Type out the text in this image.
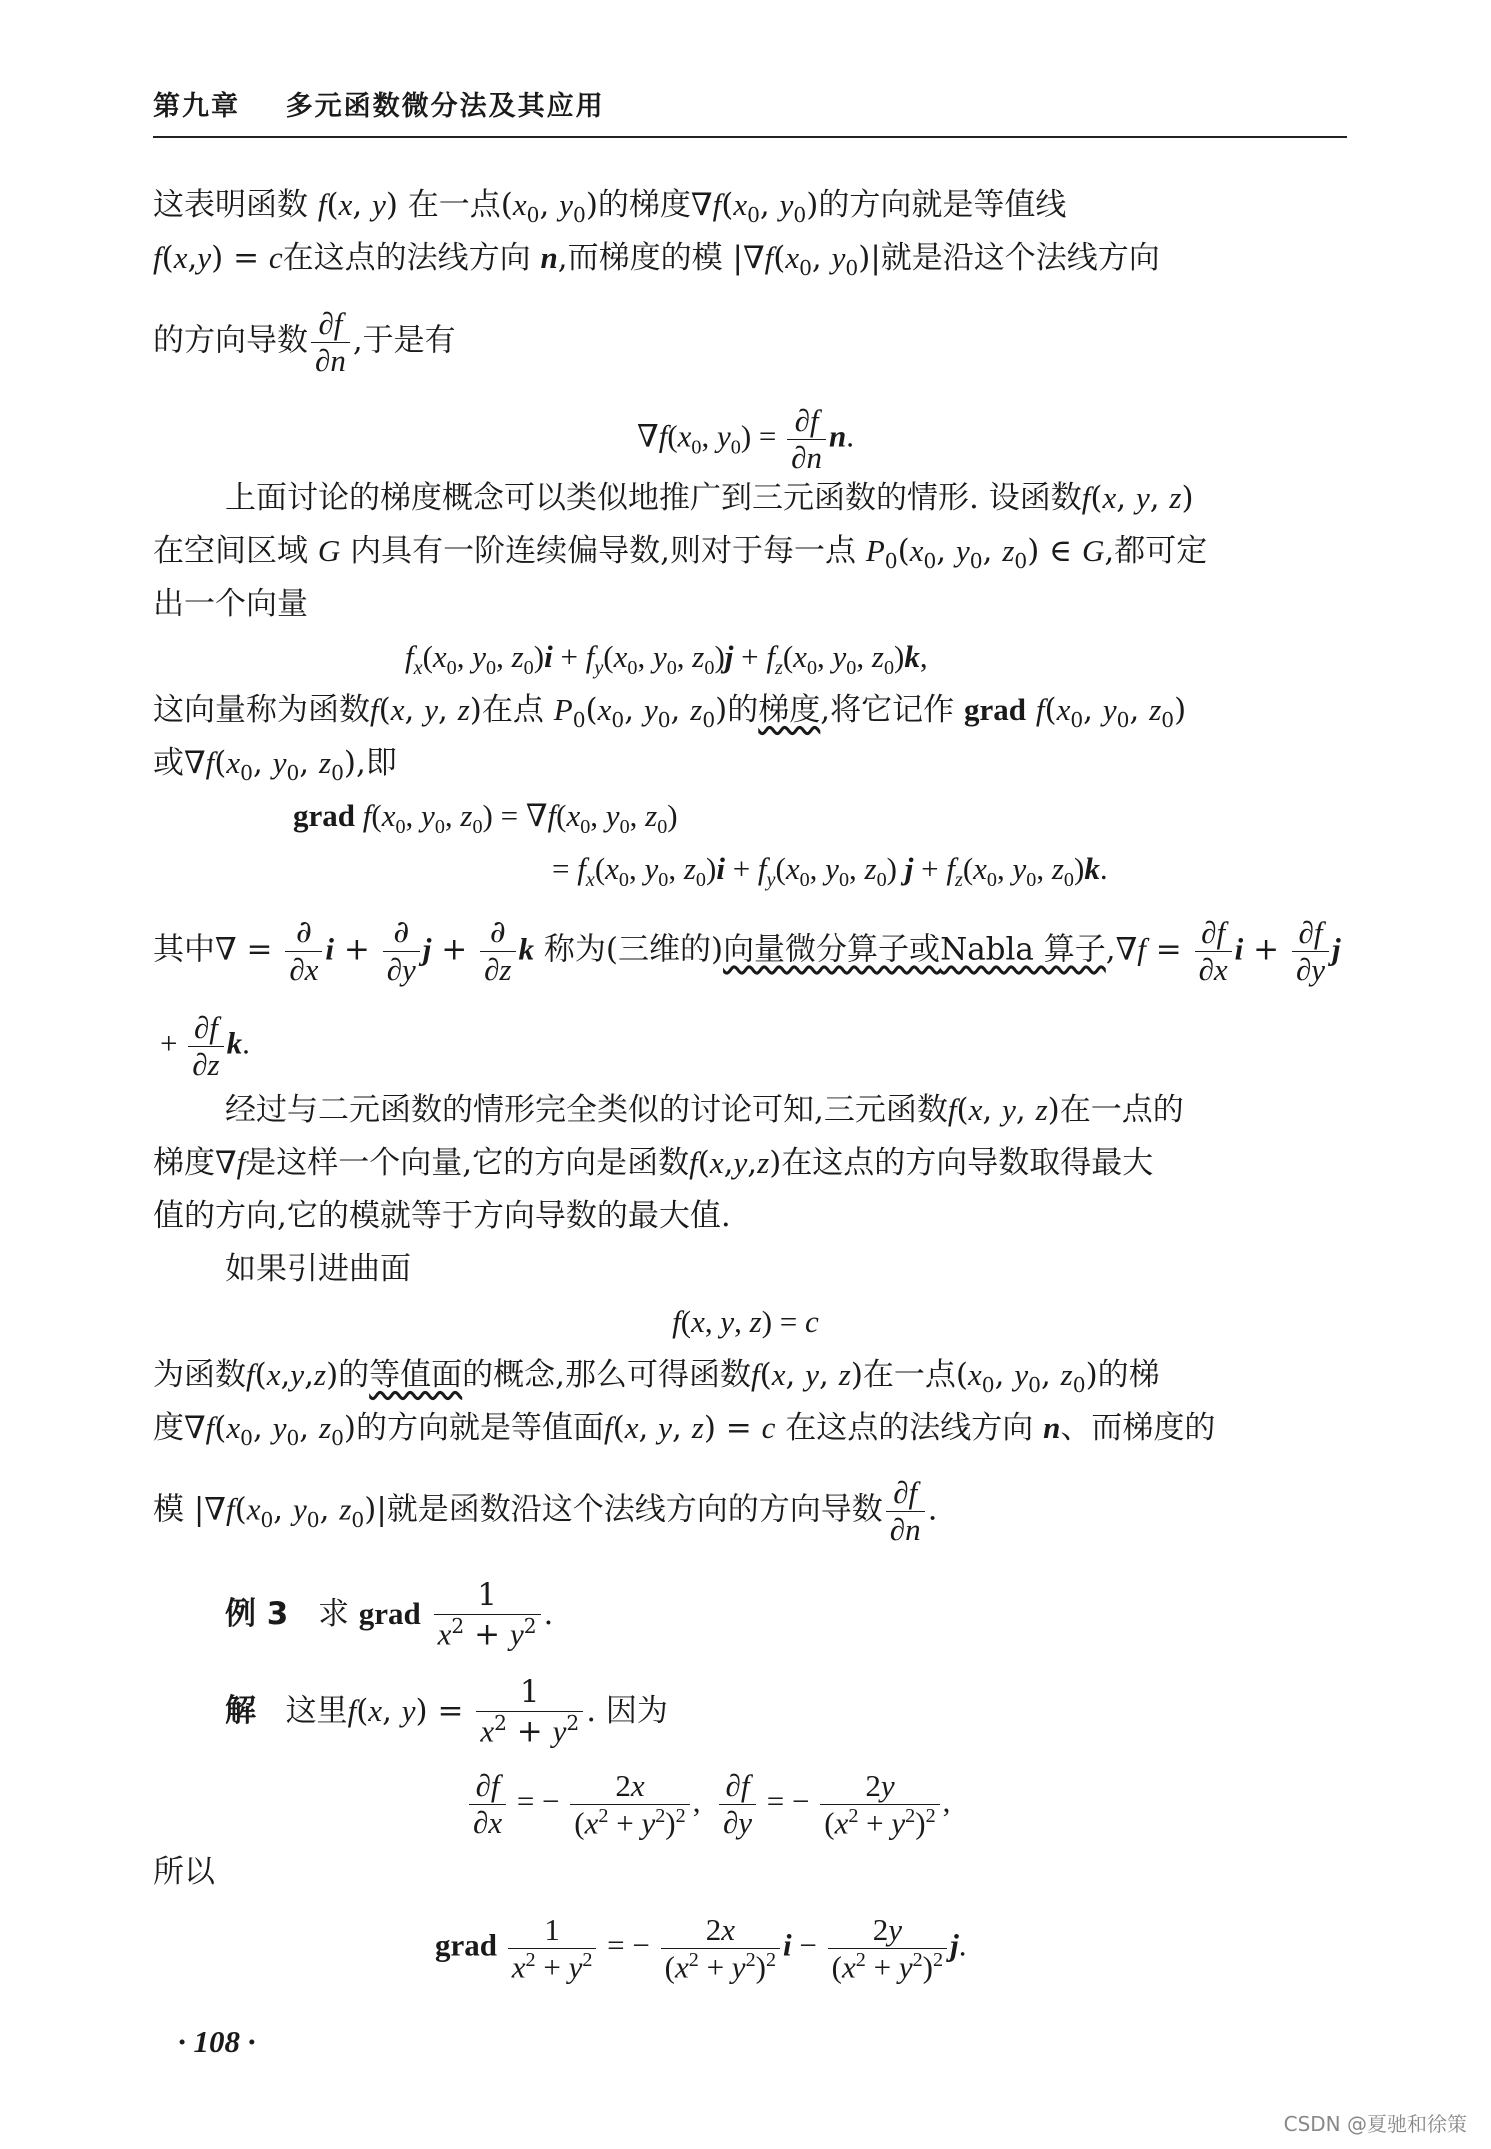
第九章 多元函数微分法及其应用
这表明函数 f(x, y) 在一点($x_0$, $y_0$)的梯度$\nabla f(x_0$, $y_0$)的方向就是等值线
f(x,y) = c在这点的法线方向 n,而梯度的模 $|\nabla f(x_0$, $y_0)|$就是沿这个法线方向
的方向导数 $\frac{\partial f}{\partial n}$ ,于是有
$\nabla f(x_0$, $y_0) = \frac{\partial f}{\partial n} n$.
上面讨论的梯度概念可以类似地推广到三元函数的情形. 设函数f(x, y, z)
在空间区域 G 内具有一阶连续偏导数,则对于每一点 $P_0(x_0$, $y_0$, $z_0$) ∈ G,都可定
出一个向量
$f_x(x_0$, $y_0$, $z_0)i + f_y(x_0$, $y_0$, $z_0)j + f_z(x_0$, $y_0$, $z_0)k$,
这向量称为函数f(x, y, z)在点 $P_0(x_0$, $y_0$, $z_0$)的梯度,将它记作 grad $f(x_0$, $y_0$, $z_0$)
或$\nabla f(x_0$, $y_0$, $z_0$),即
grad $f(x_0$, $y_0$, $z_0) = \nabla f(x_0$, $y_0$, $z_0$)
= $f_x(x_0$, $y_0$, $z_0)i + f_y(x_0$, $y_0$, $z_0$) $j + f_z(x_0$, $y_0$, $z_0)k$.
其中∇ = $\frac{\partial}{\partial x}$ $i + \frac{\partial}{\partial y}$ $j + \frac{\partial}{\partial z}$ k 称为(三维的)向量微分算子或Nabla 算子$,\nabla f = \frac{\partial f}{\partial x}$ $i + \frac{\partial f}{\partial y}$ j
+ $\frac{\partial f}{\partial z} k$.
经过与二元函数的情形完全类似的讨论可知,三元函数f(x, y, z)在一点的
梯度∇f是这样一个向量,它的方向是函数f(x,y,z)在这点的方向导数取得最大
值的方向,它的模就等于方向导数的最大值.
如果引进曲面
f(x, y, z) = c
为函数f(x,y,z)的等值面的概念,那么可得函数f(x, y, z)在一点($x_0$, $y_0$, $z_0$)的梯
度$\nabla f(x_0$, $y_0$, $z_0$)的方向就是等值面f(x, y, z) = c 在这点的法线方向 n、而梯度的
模 $|\nabla f(x_0$, $y_0$, $z_0)|$就是函数沿这个法线方向的方向导数 $\frac{\partial f}{\partial n}$ .
例 3 求 grad $\frac{1}{x^2 + y^2}$ .
解 这里f(x, $y) = \frac{1}{x^2 + y^2}$ . 因为
$\frac{\partial f}{\partial x}$ = − $\frac{2x}{(x^2 + y^2)^2}$ , $\frac{\partial f}{\partial y}$ = − $\frac{2y}{(x^2 + y^2)^2}$ ,
所以
grad $\frac{1}{x^2 + y^2}$ = − $\frac{2x}{(x^2 + y^2)^2}$ $i - \frac{2y}{(x^2 + y^2)^2} j$.
· 108 ·
CSDN @夏驰和徐策
